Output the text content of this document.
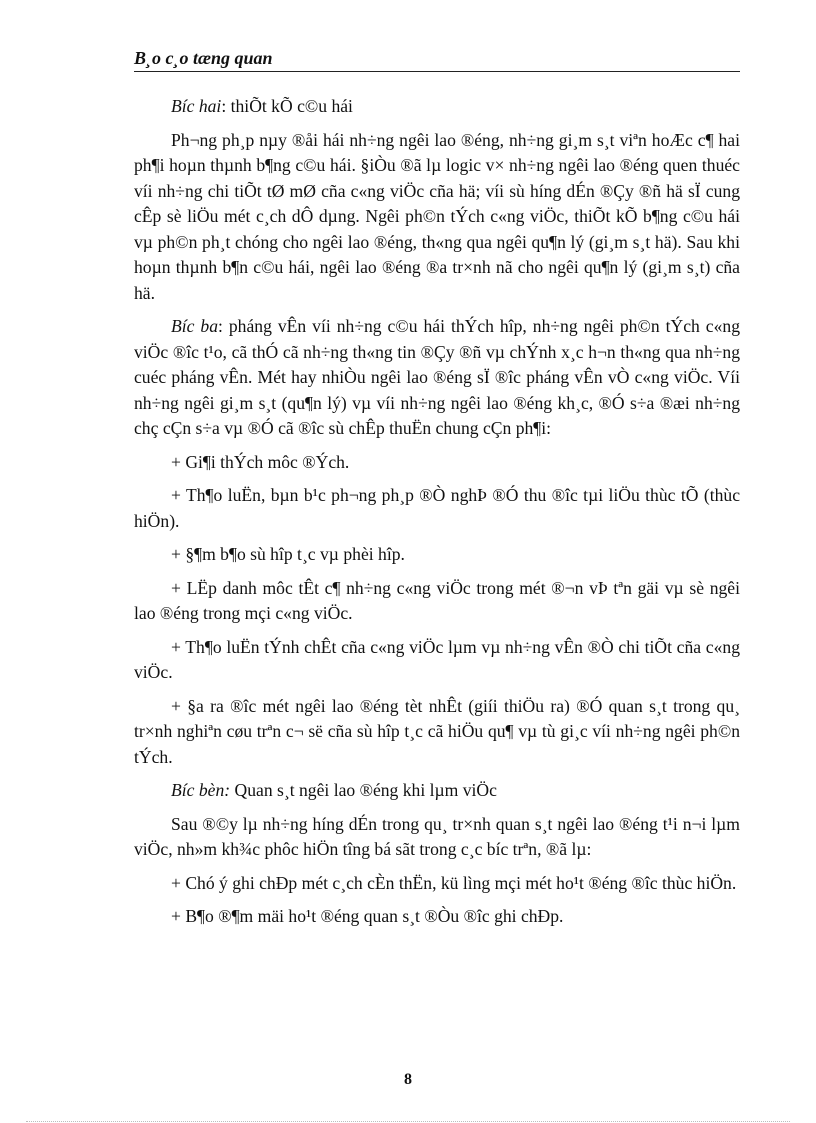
B¸o c¸o tæng quan

Bíc hai: thiÕt kÕ c©u hái

Ph¬ng ph¸p nµy ®åi hái nh÷ng ngêi lao ®éng, nh÷ng gi¸m s¸t viªn hoÆc c¶ hai ph¶i hoµn thµnh b¶ng c©u hái. §iÒu ®ã lµ logic v× nh÷ng ngêi lao ®éng quen thuéc víi nh÷ng chi tiÕt tØ mØ cña c«ng viÖc cña hä; víi sù híng dÉn ®Çy ®ñ hä sÏ cung cÊp sè liÖu mét c¸ch dÔ dµng. Ngêi ph©n tÝch c«ng viÖc, thiÕt kÕ b¶ng c©u hái vµ ph©n ph¸t chóng cho ngêi lao ®éng, th«ng qua ngêi qu¶n lý (gi¸m s¸t hä). Sau khi hoµn thµnh b¶n c©u hái, ngêi lao ®éng ®a tr×nh nã cho ngêi qu¶n lý (gi¸m s¸t) cña hä.

Bíc ba: pháng vÊn víi nh÷ng c©u hái thÝch hîp, nh÷ng ngêi ph©n tÝch c«ng viÖc ®îc t¹o, cã thÓ cã nh÷ng th«ng tin ®Çy ®ñ vµ chÝnh x¸c h¬n th«ng qua nh÷ng cuéc pháng vÊn. Mét hay nhiÒu ngêi lao ®éng sÏ ®îc pháng vÊn vÒ c«ng viÖc. Víi nh÷ng ngêi gi¸m s¸t (qu¶n lý) vµ víi nh÷ng ngêi lao ®éng kh¸c, ®Ó s÷a ®æi nh÷ng chç cÇn s÷a vµ ®Ó cã ®îc sù chÊp thuËn chung cÇn ph¶i:

+ Gi¶i thÝch môc ®Ých.

+ Th¶o luËn, bµn b¹c ph¬ng ph¸p ®Ò nghÞ ®Ó thu ®îc tµi liÖu thùc tÕ (thùc hiÖn).

+ §¶m b¶o sù hîp t¸c vµ phèi hîp.

+ LËp danh môc tÊt c¶ nh÷ng c«ng viÖc trong mét ®¬n vÞ tªn gäi vµ sè ngêi lao ®éng trong mçi c«ng viÖc.

+ Th¶o luËn tÝnh chÊt cña c«ng viÖc lµm vµ nh÷ng vÊn ®Ò chi tiÕt cña c«ng viÖc.

+ §a ra ®îc mét ngêi lao ®éng tèt nhÊt (giíi thiÖu ra) ®Ó quan s¸t trong qu¸ tr×nh nghiªn cøu trªn c¬ së cña sù hîp t¸c cã hiÖu qu¶ vµ tù gi¸c víi nh÷ng ngêi ph©n tÝch.

Bíc bèn: Quan s¸t ngêi lao ®éng khi lµm viÖc

Sau ®©y lµ nh÷ng híng dÉn trong qu¸ tr×nh quan s¸t ngêi lao ®éng t¹i n¬i lµm viÖc, nh»m kh¾c phôc hiÖn tîng bá sãt trong c¸c bíc trªn, ®ã lµ:

+ Chó ý ghi chÐp mét c¸ch cÈn thËn, kü lìng mçi mét ho¹t ®éng ®îc thùc hiÖn.

+ B¶o ®¶m mäi ho¹t ®éng quan s¸t ®Òu ®îc ghi chÐp.

8
